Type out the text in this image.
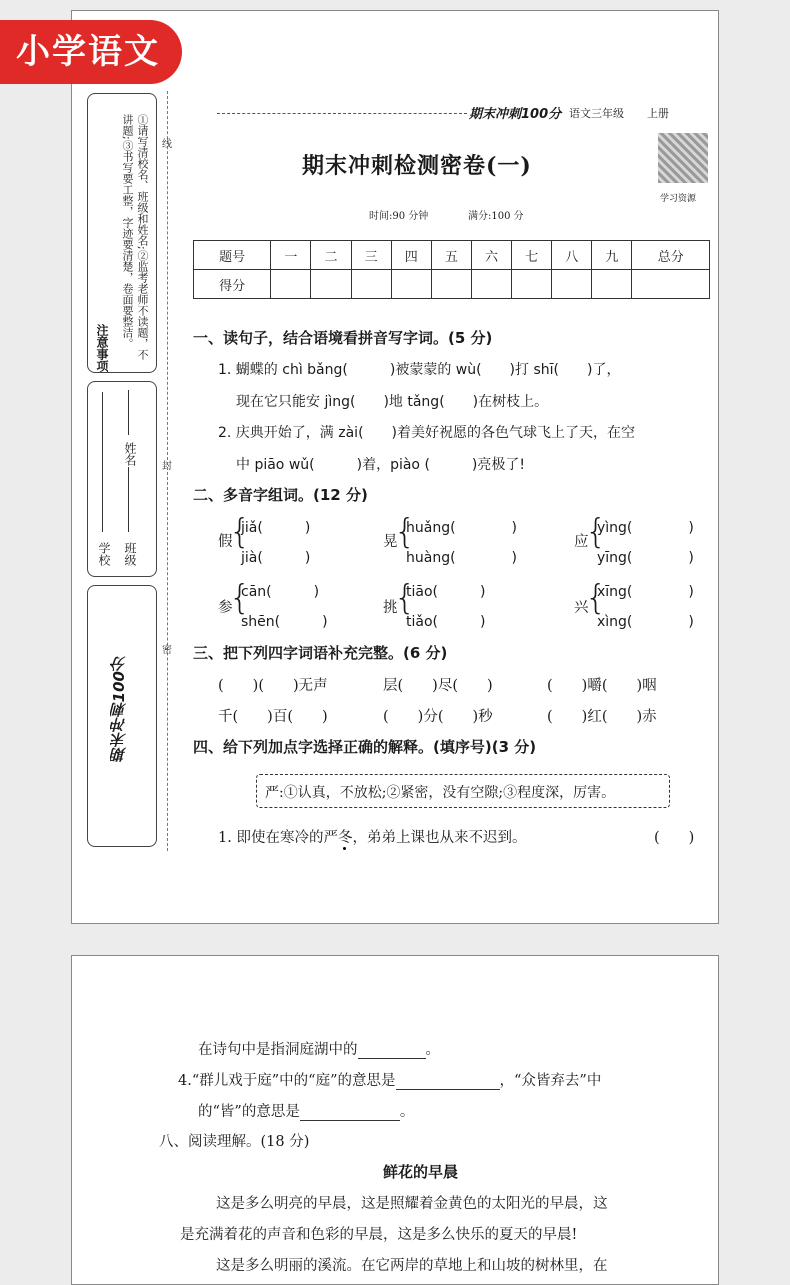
小学语文
①请写清校名、班级和姓名;②监考老师不读题，不讲题;③书写要工整，字迹要清楚，卷面要整洁。
注意事项
学校 班级
姓名
期末冲刺100分
线
封
密
期末冲刺100分 语文三年级 上册
学习资源
期末冲刺检测密卷(一)
时间:90 分钟	满分:100 分
题号	一	二	三	四	五	六	七	八	九	总分
得分										
一、读句子，结合语境看拼音写字词。(5 分)
1. 蝴蝶的 chì bǎng(　　　)被蒙蒙的 wù(　　)打 shī(　　)了，
现在它只能安 jìng(　　)地 tǎng(　　)在树枝上。
2. 庆典开始了，满 zài(　　)着美好祝愿的各色气球飞上了天，在空
中 piāo wǔ(　　　)着，piào (　　　)亮极了!
二、多音字组词。(12 分)
假
{
jiǎ(　　　)
jià(　　　)
晃
{
huǎng(　　　　)
huàng(　　　　)
应
{
yìng(　　　　)
yīng(　　　　)
参
{
cān(　　　)
shēn(　　　)
挑
{
tiāo(　　　)
tiǎo(　　　)
兴
{
xīng(　　　　)
xìng(　　　　)
三、把下列四字词语补充完整。(6 分)
(　　)(　　)无声	层(　　)尽(　　)	(　　)嚼(　　)咽
千(　　)百(　　)	(　　)分(　　)秒	(　　)红(　　)赤
四、给下列加点字选择正确的解释。(填序号)(3 分)
严:①认真，不放松;②紧密，没有空隙;③程度深，厉害。
1. 即使在寒冷的严冬，弟弟上课也从来不迟到。	(　　)
在诗句中是指洞庭湖中的	。
4.“群儿戏于庭”中的“庭”的意思是	，“众皆弃去”中
的“皆”的意思是	。
八、阅读理解。(18 分)
鲜花的早晨
这是多么明亮的早晨，这是照耀着金黄色的太阳光的早晨，这
是充满着花的声音和色彩的早晨，这是多么快乐的夏天的早晨!
这是多么明丽的溪流。在它两岸的草地上和山坡的树林里，在
